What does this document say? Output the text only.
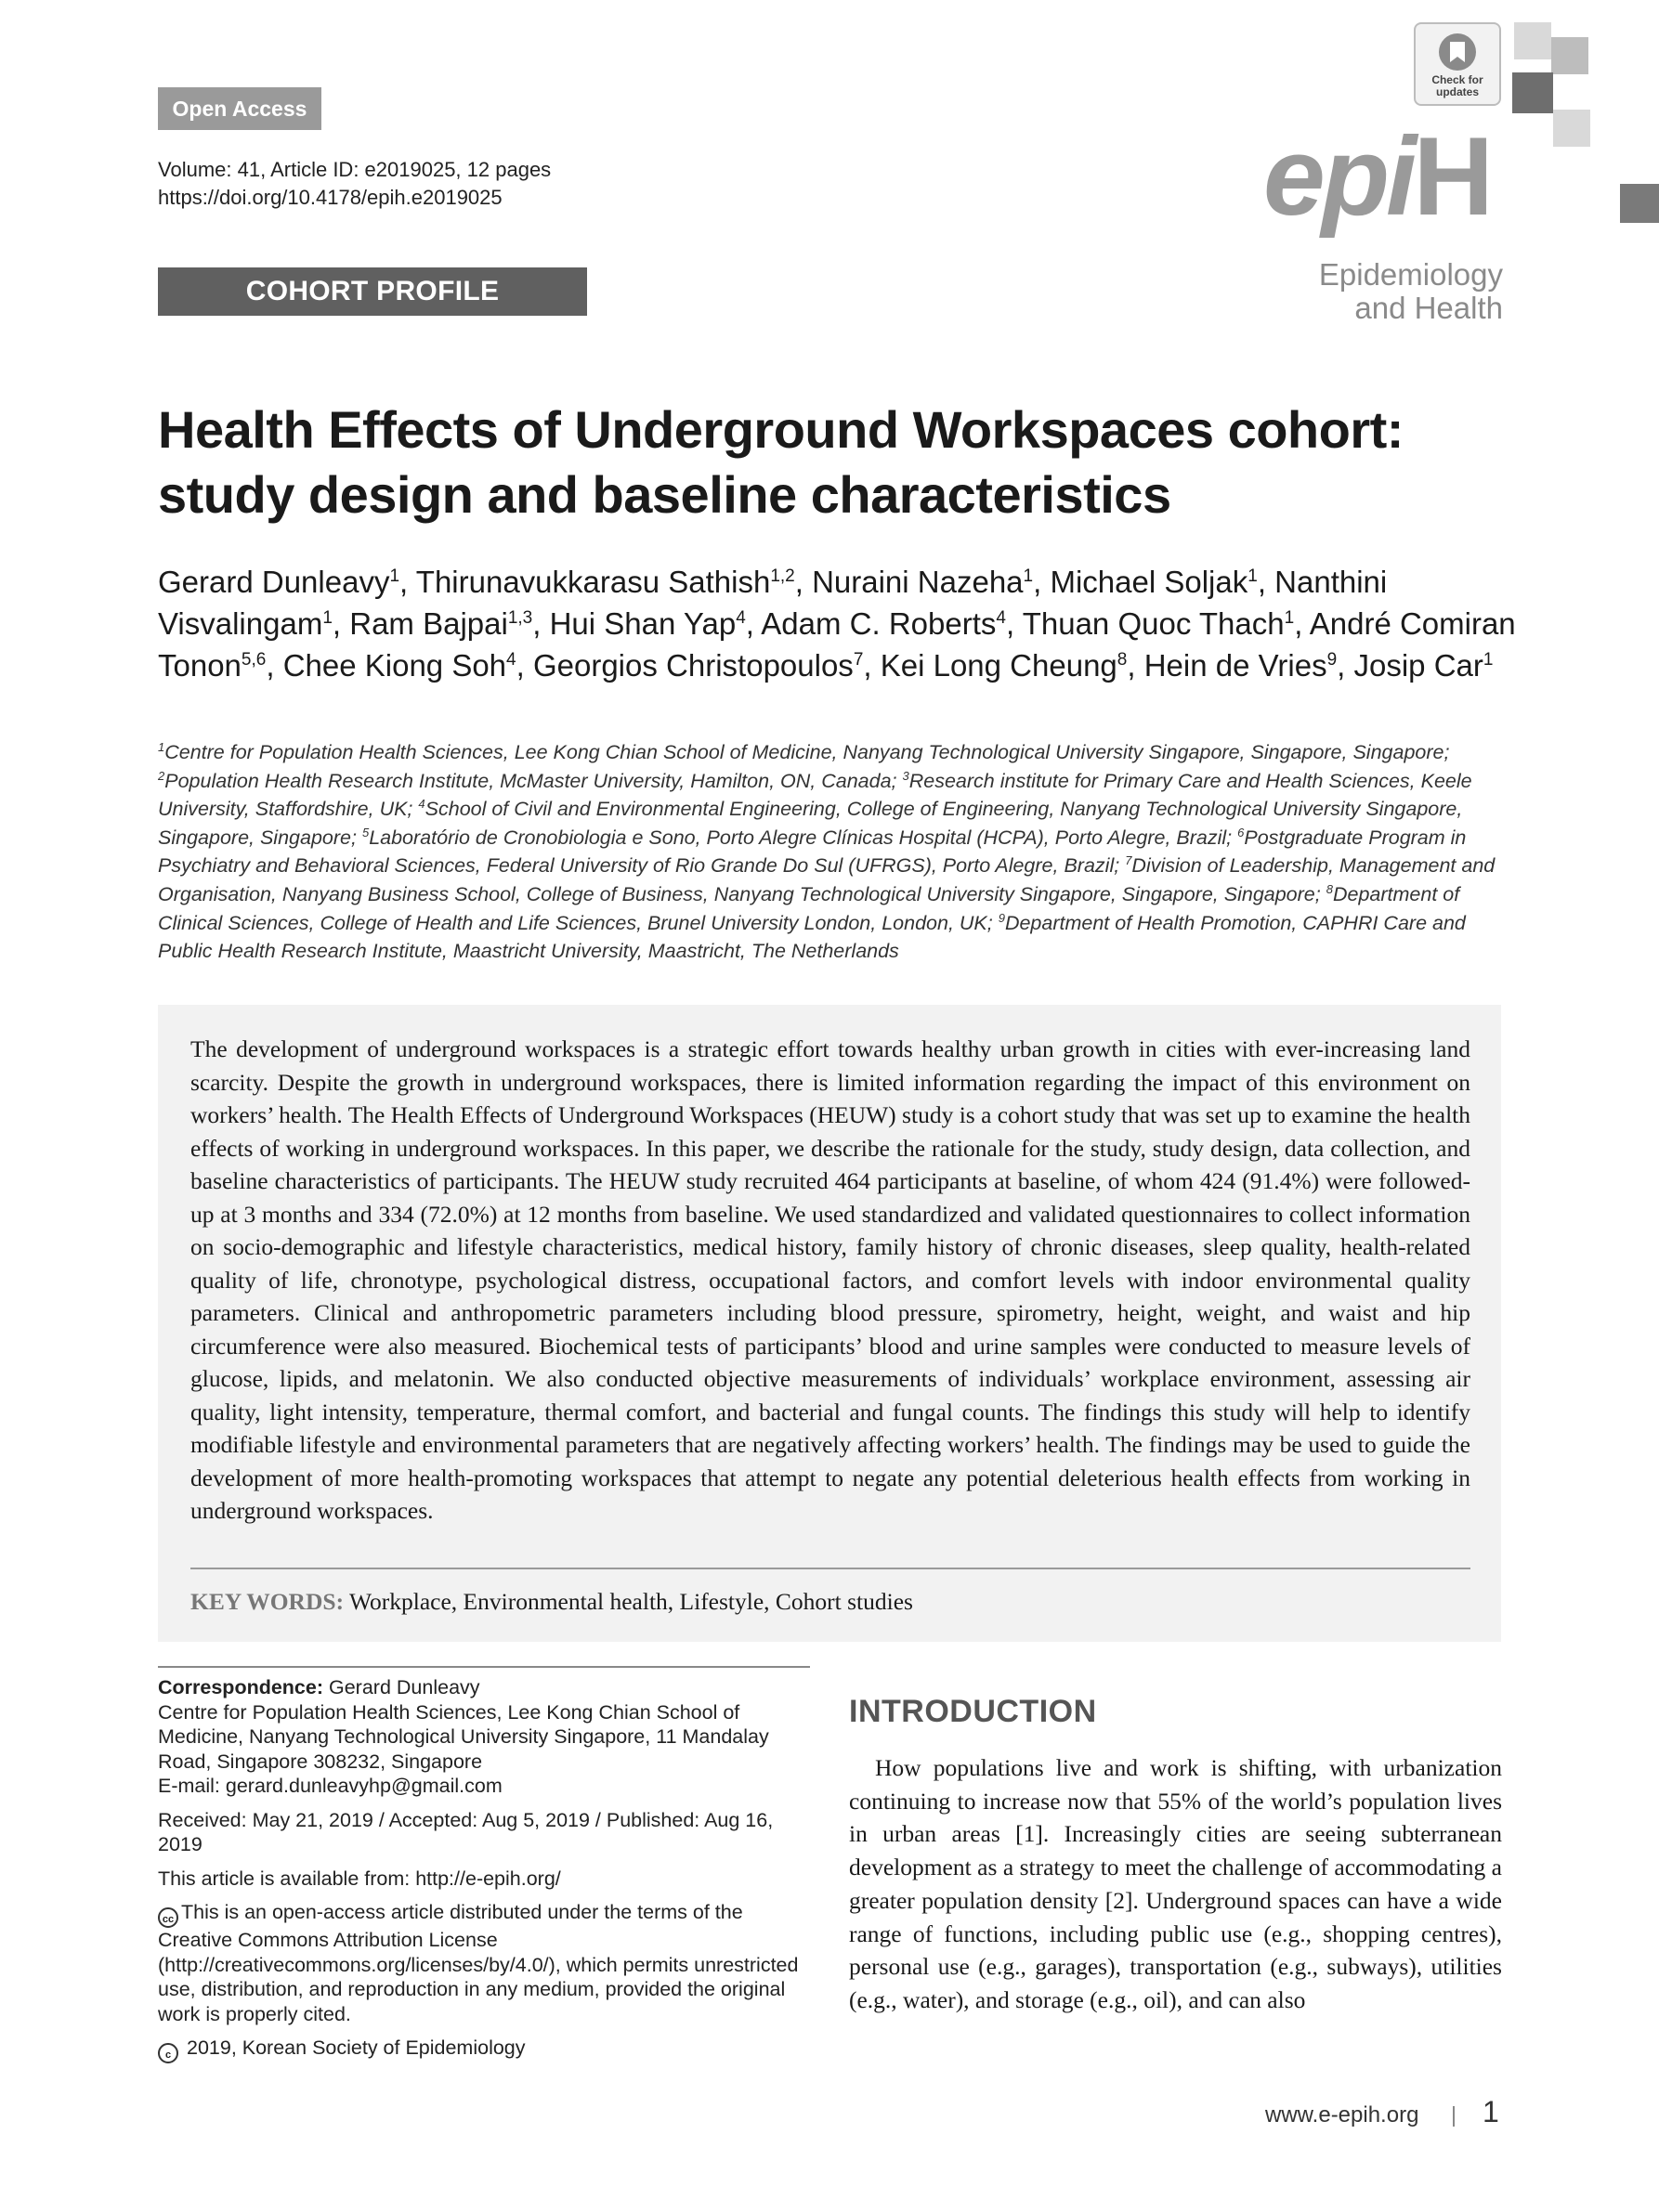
Open Access
Volume: 41, Article ID: e2019025, 12 pages
https://doi.org/10.4178/epih.e2019025
COHORT PROFILE
Check for
updates
epiH
Epidemiology
and Health
Health Effects of Underground Workspaces cohort:
study design and baseline characteristics
Gerard Dunleavy$^1$, Thirunavukkarasu Sathish$^{1,2}$, Nuraini Nazeha$^1$, Michael Soljak$^1$, Nanthini Visvalingam$^1$, Ram Bajpai$^{1,3}$, Hui Shan Yap$^4$, Adam C. Roberts$^4$, Thuan Quoc Thach$^1$, André Comiran Tonon$^{5,6}$, Chee Kiong Soh$^4$, Georgios Christopoulos$^7$, Kei Long Cheung$^8$, Hein de Vries$^9$, Josip Car$^1$
$^1$Centre for Population Health Sciences, Lee Kong Chian School of Medicine, Nanyang Technological University Singapore, Singapore, Singapore; $^2$Population Health Research Institute, McMaster University, Hamilton, ON, Canada; $^3$Research institute for Primary Care and Health Sciences, Keele University, Staffordshire, UK; $^4$School of Civil and Environmental Engineering, College of Engineering, Nanyang Technological University Singapore, Singapore, Singapore; $^5$Laboratório de Cronobiologia e Sono, Porto Alegre Clínicas Hospital (HCPA), Porto Alegre, Brazil; $^6$Postgraduate Program in Psychiatry and Behavioral Sciences, Federal University of Rio Grande Do Sul (UFRGS), Porto Alegre, Brazil; $^7$Division of Leadership, Management and Organisation, Nanyang Business School, College of Business, Nanyang Technological University Singapore, Singapore, Singapore; $^8$Department of Clinical Sciences, College of Health and Life Sciences, Brunel University London, London, UK; $^9$Department of Health Promotion, CAPHRI Care and Public Health Research Institute, Maastricht University, Maastricht, The Netherlands
The development of underground workspaces is a strategic effort towards healthy urban growth in cities with ever-increasing land scarcity. Despite the growth in underground workspaces, there is limited information regarding the impact of this environment on workers’ health. The Health Effects of Underground Workspaces (HEUW) study is a cohort study that was set up to examine the health effects of working in underground workspaces. In this paper, we describe the rationale for the study, study design, data collection, and baseline characteristics of participants. The HEUW study recruited 464 participants at baseline, of whom 424 (91.4%) were followed-up at 3 months and 334 (72.0%) at 12 months from baseline. We used standardized and validated questionnaires to collect information on socio-demographic and lifestyle characteristics, medical history, family history of chronic diseases, sleep quality, health-related quality of life, chronotype, psychological distress, occupational factors, and comfort levels with indoor environmental quality parameters. Clinical and anthropometric parameters including blood pressure, spirometry, height, weight, and waist and hip circumference were also measured. Biochemical tests of participants’ blood and urine samples were conducted to measure levels of glucose, lipids, and melatonin. We also conducted objective measurements of individuals’ workplace environment, assessing air quality, light intensity, temperature, thermal comfort, and bacterial and fungal counts. The findings this study will help to identify modifiable lifestyle and environmental parameters that are negatively affecting workers’ health. The findings may be used to guide the development of more health-promoting workspaces that attempt to negate any potential deleterious health effects from working in underground workspaces.
KEY WORDS: Workplace, Environmental health, Lifestyle, Cohort studies

Correspondence: Gerard Dunleavy

Centre for Population Health Sciences, Lee Kong Chian School of Medicine, Nanyang Technological University Singapore, 11 Mandalay Road, Singapore 308232, Singapore

E-mail: gerard.dunleavyhp@gmail.com

Received: May 21, 2019 / Accepted: Aug 5, 2019 / Published: Aug 16, 2019

This article is available from: http://e-epih.org/

cc This is an open-access article distributed under the terms of the Creative Commons Attribution License (http://creativecommons.org/licenses/by/4.0/), which permits unrestricted use, distribution, and reproduction in any medium, provided the original work is properly cited.

c 2019, Korean Society of Epidemiology

INTRODUCTION
How populations live and work is shifting, with urbanization continuing to increase now that 55% of the world’s population lives in urban areas [1]. Increasingly cities are seeing subterranean development as a strategy to meet the challenge of accommodating a greater population density [2]. Underground spaces can have a wide range of functions, including public use (e.g., shopping centres), personal use (e.g., garages), transportation (e.g., subways), utilities (e.g., water), and storage (e.g., oil), and can also
www.e-epih.org 1
